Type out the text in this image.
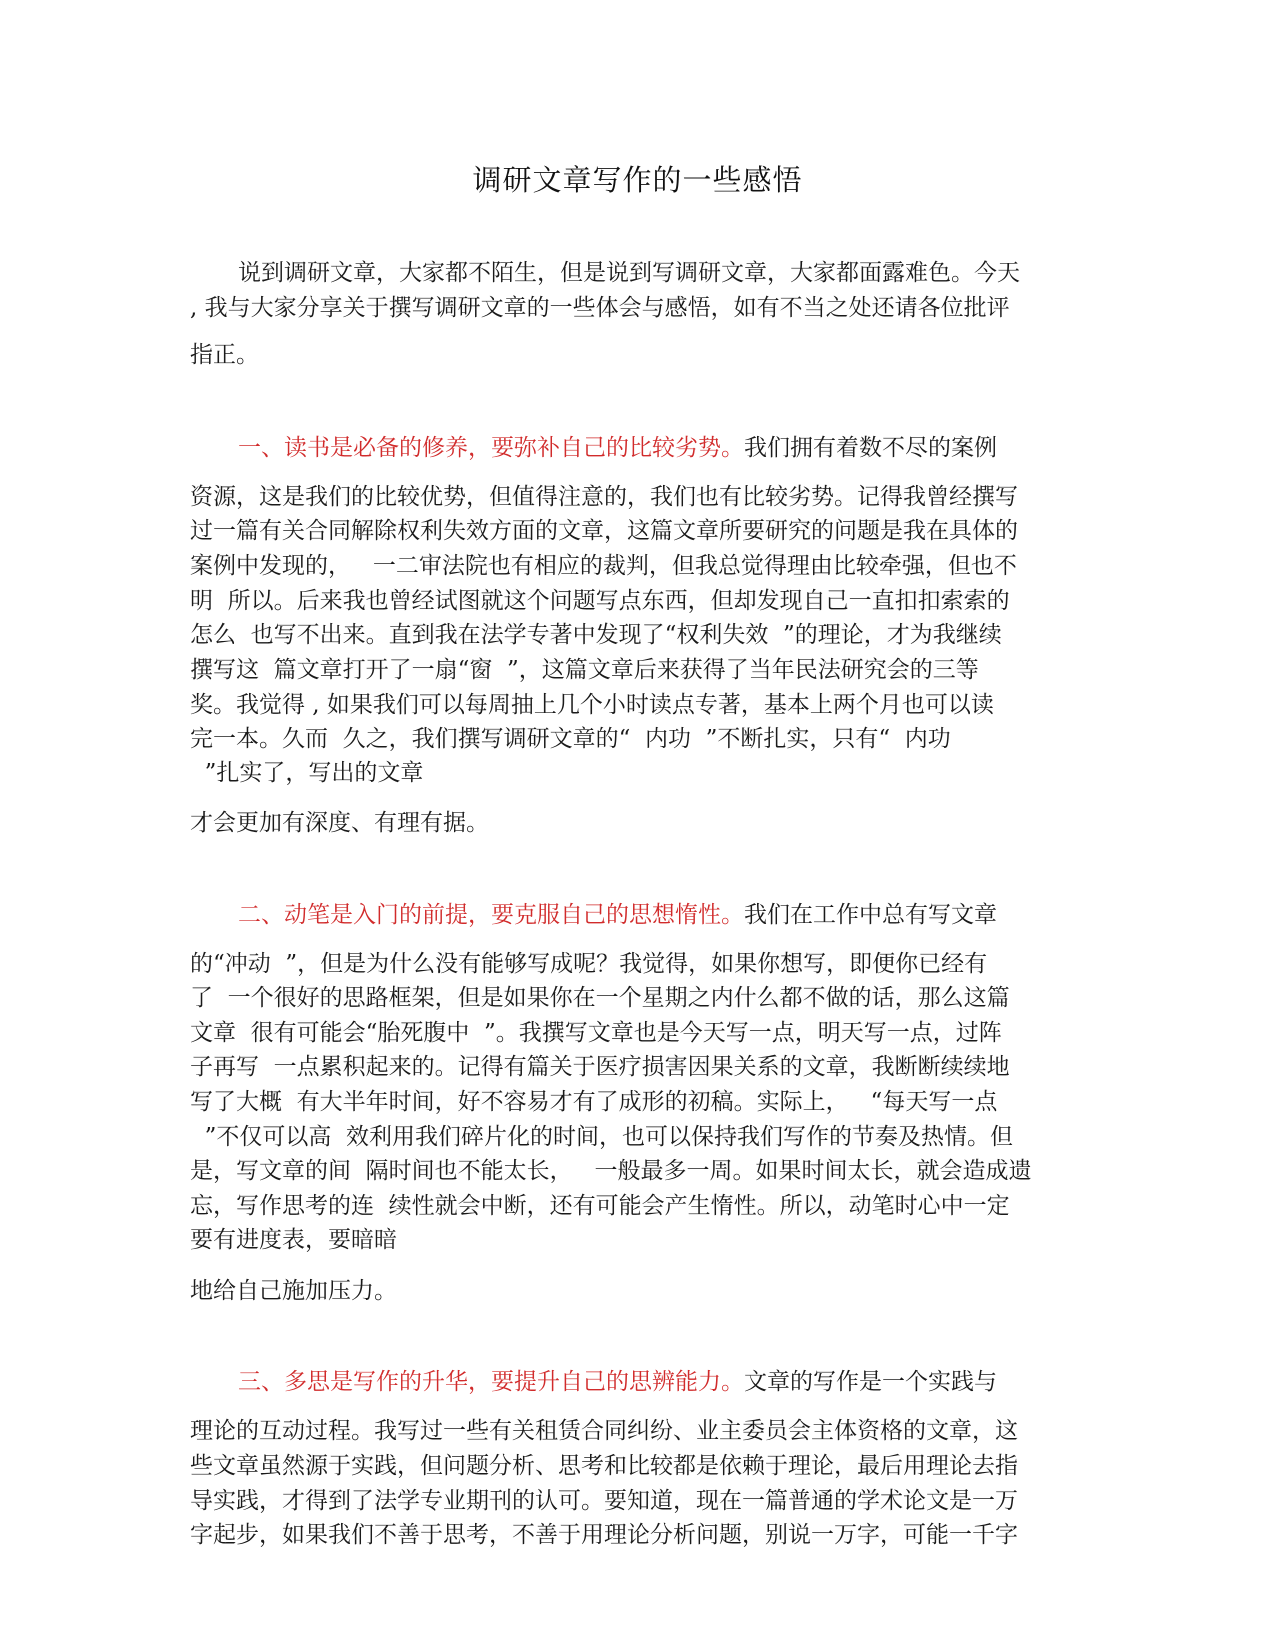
调研文章写作的一些感悟
说到调研文章，大家都不陌生，但是说到写调研文章，大家都面露难色。今天
, 我与大家分享关于撰写调研文章的一些体会与感悟，如有不当之处还请各位批评
指正。
一、读书是必备的修养，要弥补自己的比较劣势。我们拥有着数不尽的案例
资源，这是我们的比较优势，但值得注意的，我们也有比较劣势。记得我曾经撰写
过一篇有关合同解除权利失效方面的文章，这篇文章所要研究的问题是我在具体的
案例中发现的，   一二审法院也有相应的裁判，但我总觉得理由比较牵强，但也不
明  所以。后来我也曾经试图就这个问题写点东西，但却发现自己一直扣扣索索的
怎么  也写不出来。直到我在法学专著中发现了“权利失效  ”的理论，才为我继续
撰写这  篇文章打开了一扇“窗  ”，这篇文章后来获得了当年民法研究会的三等
奖。我觉得 , 如果我们可以每周抽上几个小时读点专著，基本上两个月也可以读
完一本。久而  久之，我们撰写调研文章的“  内功  ”不断扎实，只有“  内功
”扎实了，写出的文章
才会更加有深度、有理有据。
二、动笔是入门的前提，要克服自己的思想惰性。我们在工作中总有写文章
的“冲动  ”，但是为什么没有能够写成呢？我觉得，如果你想写，即便你已经有
了  一个很好的思路框架，但是如果你在一个星期之内什么都不做的话，那么这篇
文章  很有可能会“胎死腹中  ”。我撰写文章也是今天写一点，明天写一点，过阵
子再写  一点累积起来的。记得有篇关于医疗损害因果关系的文章，我断断续续地
写了大概  有大半年时间，好不容易才有了成形的初稿。实际上，   “每天写一点
”不仅可以高  效利用我们碎片化的时间，也可以保持我们写作的节奏及热情。但
是，写文章的间  隔时间也不能太长，   一般最多一周。如果时间太长，就会造成遗
忘，写作思考的连  续性就会中断，还有可能会产生惰性。所以，动笔时心中一定
要有进度表，要暗暗
地给自己施加压力。
三、多思是写作的升华，要提升自己的思辨能力。文章的写作是一个实践与
理论的互动过程。我写过一些有关租赁合同纠纷、业主委员会主体资格的文章，这
些文章虽然源于实践，但问题分析、思考和比较都是依赖于理论，最后用理论去指
导实践，才得到了法学专业期刊的认可。要知道，现在一篇普通的学术论文是一万
字起步，如果我们不善于思考，不善于用理论分析问题，别说一万字，可能一千字
